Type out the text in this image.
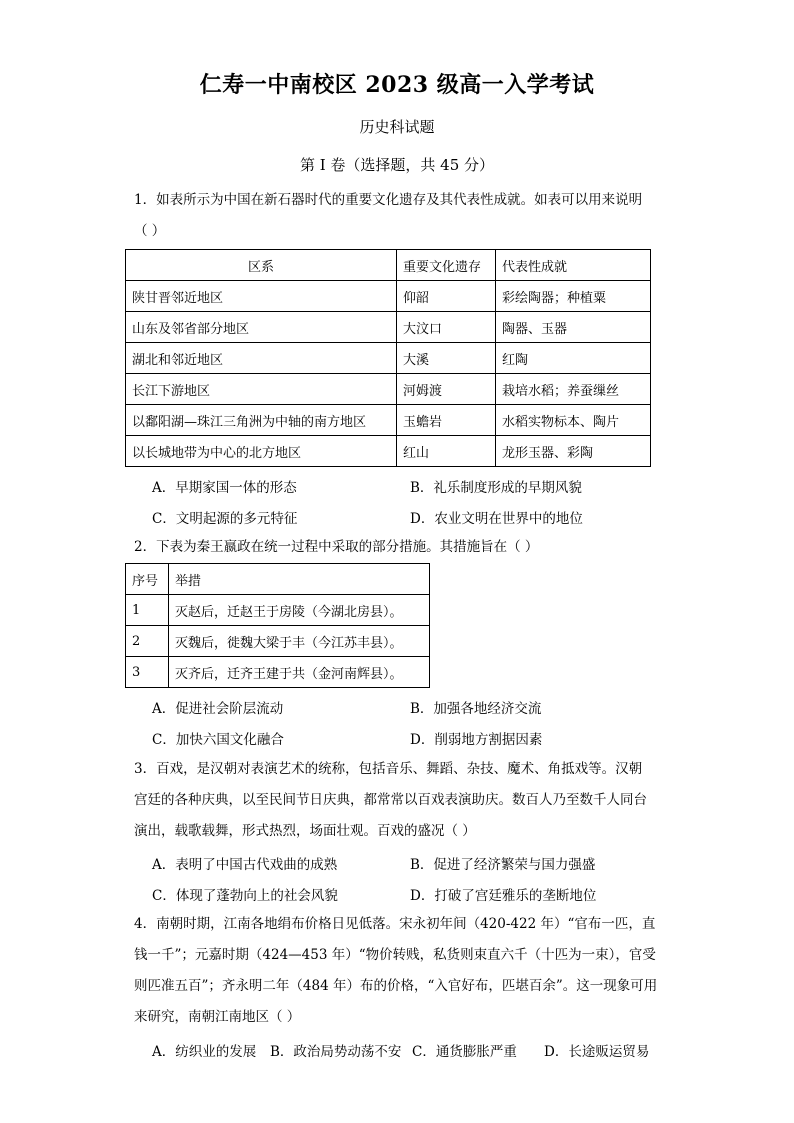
仁寿一中南校区 2023 级高一入学考试
历史科试题
第 I 卷（选择题，共 45 分）
1．如表所示为中国在新石器时代的重要文化遗存及其代表性成就。如表可以用来说明
（ ）
区系	重要文化遗存	代表性成就
陕甘晋邻近地区	仰韶	彩绘陶器；种植粟
山东及邻省部分地区	大汶口	陶器、玉器
湖北和邻近地区	大溪	红陶
长江下游地区	河姆渡	栽培水稻；养蚕缫丝
以鄱阳湖—珠江三角洲为中轴的南方地区	玉蟾岩	水稻实物标本、陶片
以长城地带为中心的北方地区	红山	龙形玉器、彩陶
A．早期家国一体的形态	B．礼乐制度形成的早期风貌
C．文明起源的多元特征	D．农业文明在世界中的地位
2．下表为秦王嬴政在统一过程中采取的部分措施。其措施旨在（ ）
序号	举措
1	灭赵后，迁赵王于房陵（今湖北房县）。
2	灭魏后，徙魏大梁于丰（今江苏丰县）。
3	灭齐后，迁齐王建于共（金河南辉县）。
A．促进社会阶层流动	B．加强各地经济交流
C．加快六国文化融合	D．削弱地方割据因素
3．百戏，是汉朝对表演艺术的统称，包括音乐、舞蹈、杂技、魔术、角抵戏等。汉朝
宫廷的各种庆典，以至民间节日庆典，都常常以百戏表演助庆。数百人乃至数千人同台
演出，载歌载舞，形式热烈，场面壮观。百戏的盛况（ ）
A．表明了中国古代戏曲的成熟	B．促进了经济繁荣与国力强盛
C．体现了蓬勃向上的社会风貌	D．打破了宫廷雅乐的垄断地位
4．南朝时期，江南各地绢布价格日见低落。宋永初年间（420-422 年）“官布一匹，直
钱一千”；元嘉时期（424—453 年）“物价转贱，私货则束直六千（十匹为一束），官受
则匹准五百”；齐永明二年（484 年）布的价格，“入官好布，匹堪百余”。这一现象可用
来研究，南朝江南地区（ ）
A．纺织业的发展 B．政治局势动荡不安 C．通货膨胀严重 D．长途贩运贸易
